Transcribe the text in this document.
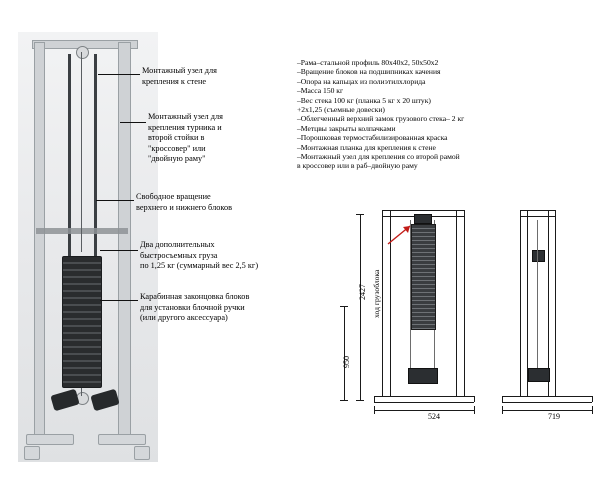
Монтажный узел для
крепления к стене
Монтажный узел для
крепления турника и
второй стойки в
"кроссовер" или
"двойную раму"
Свободное вращение
верхнего и нижнего блоков
Два дополнительных
быстросъемных груза
по 1,25 кг (суммарный вес 2,5 кг)
Карабинная законцовка блоков
для установки блочной ручки
(или другого аксессуара)
–Рама–стальной профиль 80х40х2, 50х50х2
–Вращение блоков на подшипниках качения
–Опора на капьцах из полиэтилхлорида
–Масса 150 кг
–Вес стека 100 кг (планка 5 кг х 20 штук)
+2х1,25 (съемные довески)
–Облегченный верхний замок грузового стека– 2 кг
–Метцвы закрыты колпачками
–Порошковая термостабилизированная краска
–Монтажная планка для крепления к стене
–Монтажный узел для крепления со второй рамой
в кроссовер или в раб–двойную раму
524	719
2427
950
ход грузоблока
